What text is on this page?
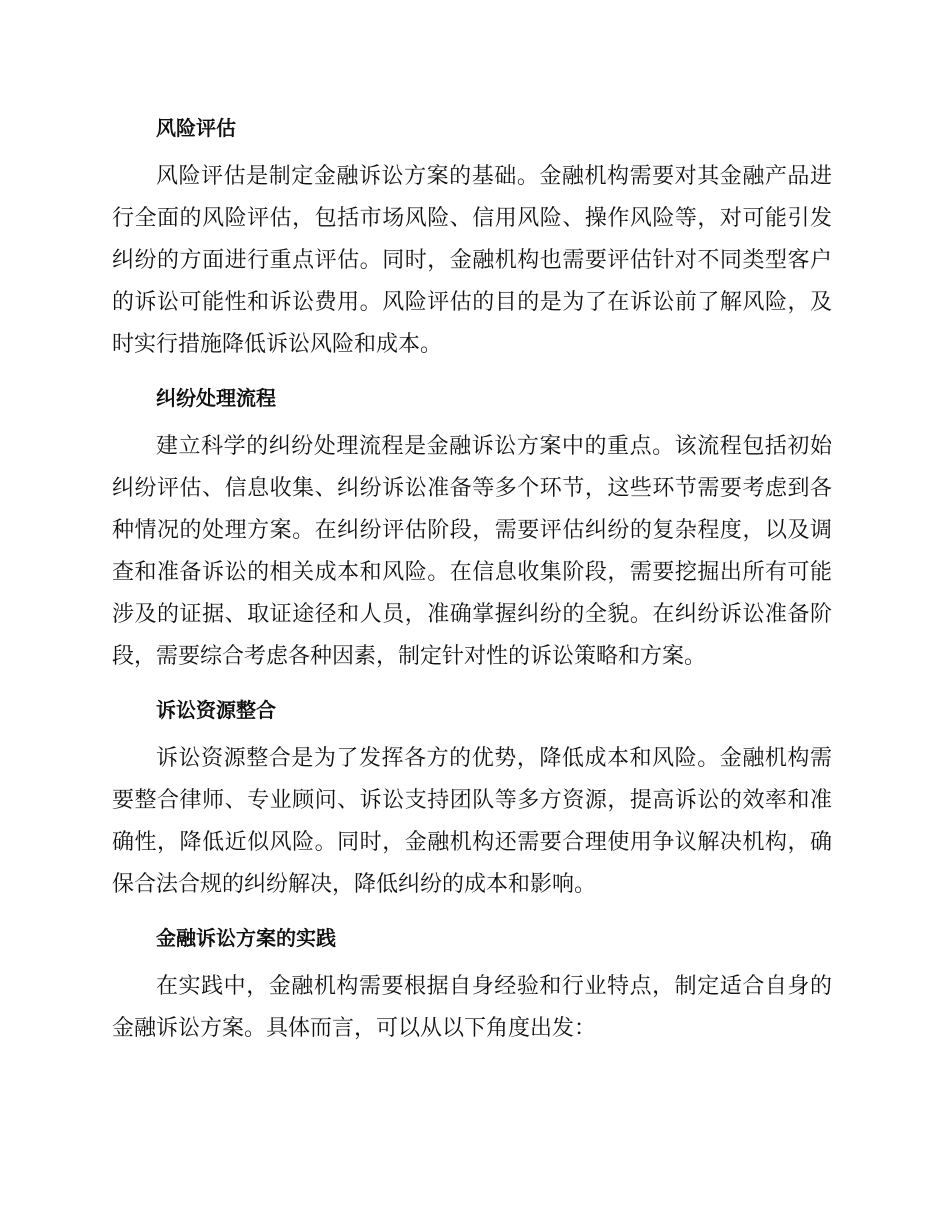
风险评估

风险评估是制定金融诉讼方案的基础。金融机构需要对其金融产品进行全面的风险评估，包括市场风险、信用风险、操作风险等，对可能引发纠纷的方面进行重点评估。同时，金融机构也需要评估针对不同类型客户的诉讼可能性和诉讼费用。风险评估的目的是为了在诉讼前了解风险，及时实行措施降低诉讼风险和成本。

纠纷处理流程

建立科学的纠纷处理流程是金融诉讼方案中的重点。该流程包括初始纠纷评估、信息收集、纠纷诉讼准备等多个环节，这些环节需要考虑到各种情况的处理方案。在纠纷评估阶段，需要评估纠纷的复杂程度，以及调查和准备诉讼的相关成本和风险。在信息收集阶段，需要挖掘出所有可能涉及的证据、取证途径和人员，准确掌握纠纷的全貌。在纠纷诉讼准备阶段，需要综合考虑各种因素，制定针对性的诉讼策略和方案。

诉讼资源整合

诉讼资源整合是为了发挥各方的优势，降低成本和风险。金融机构需要整合律师、专业顾问、诉讼支持团队等多方资源，提高诉讼的效率和准确性，降低近似风险。同时，金融机构还需要合理使用争议解决机构，确保合法合规的纠纷解决，降低纠纷的成本和影响。

金融诉讼方案的实践

在实践中，金融机构需要根据自身经验和行业特点，制定适合自身的金融诉讼方案。具体而言，可以从以下角度出发：
